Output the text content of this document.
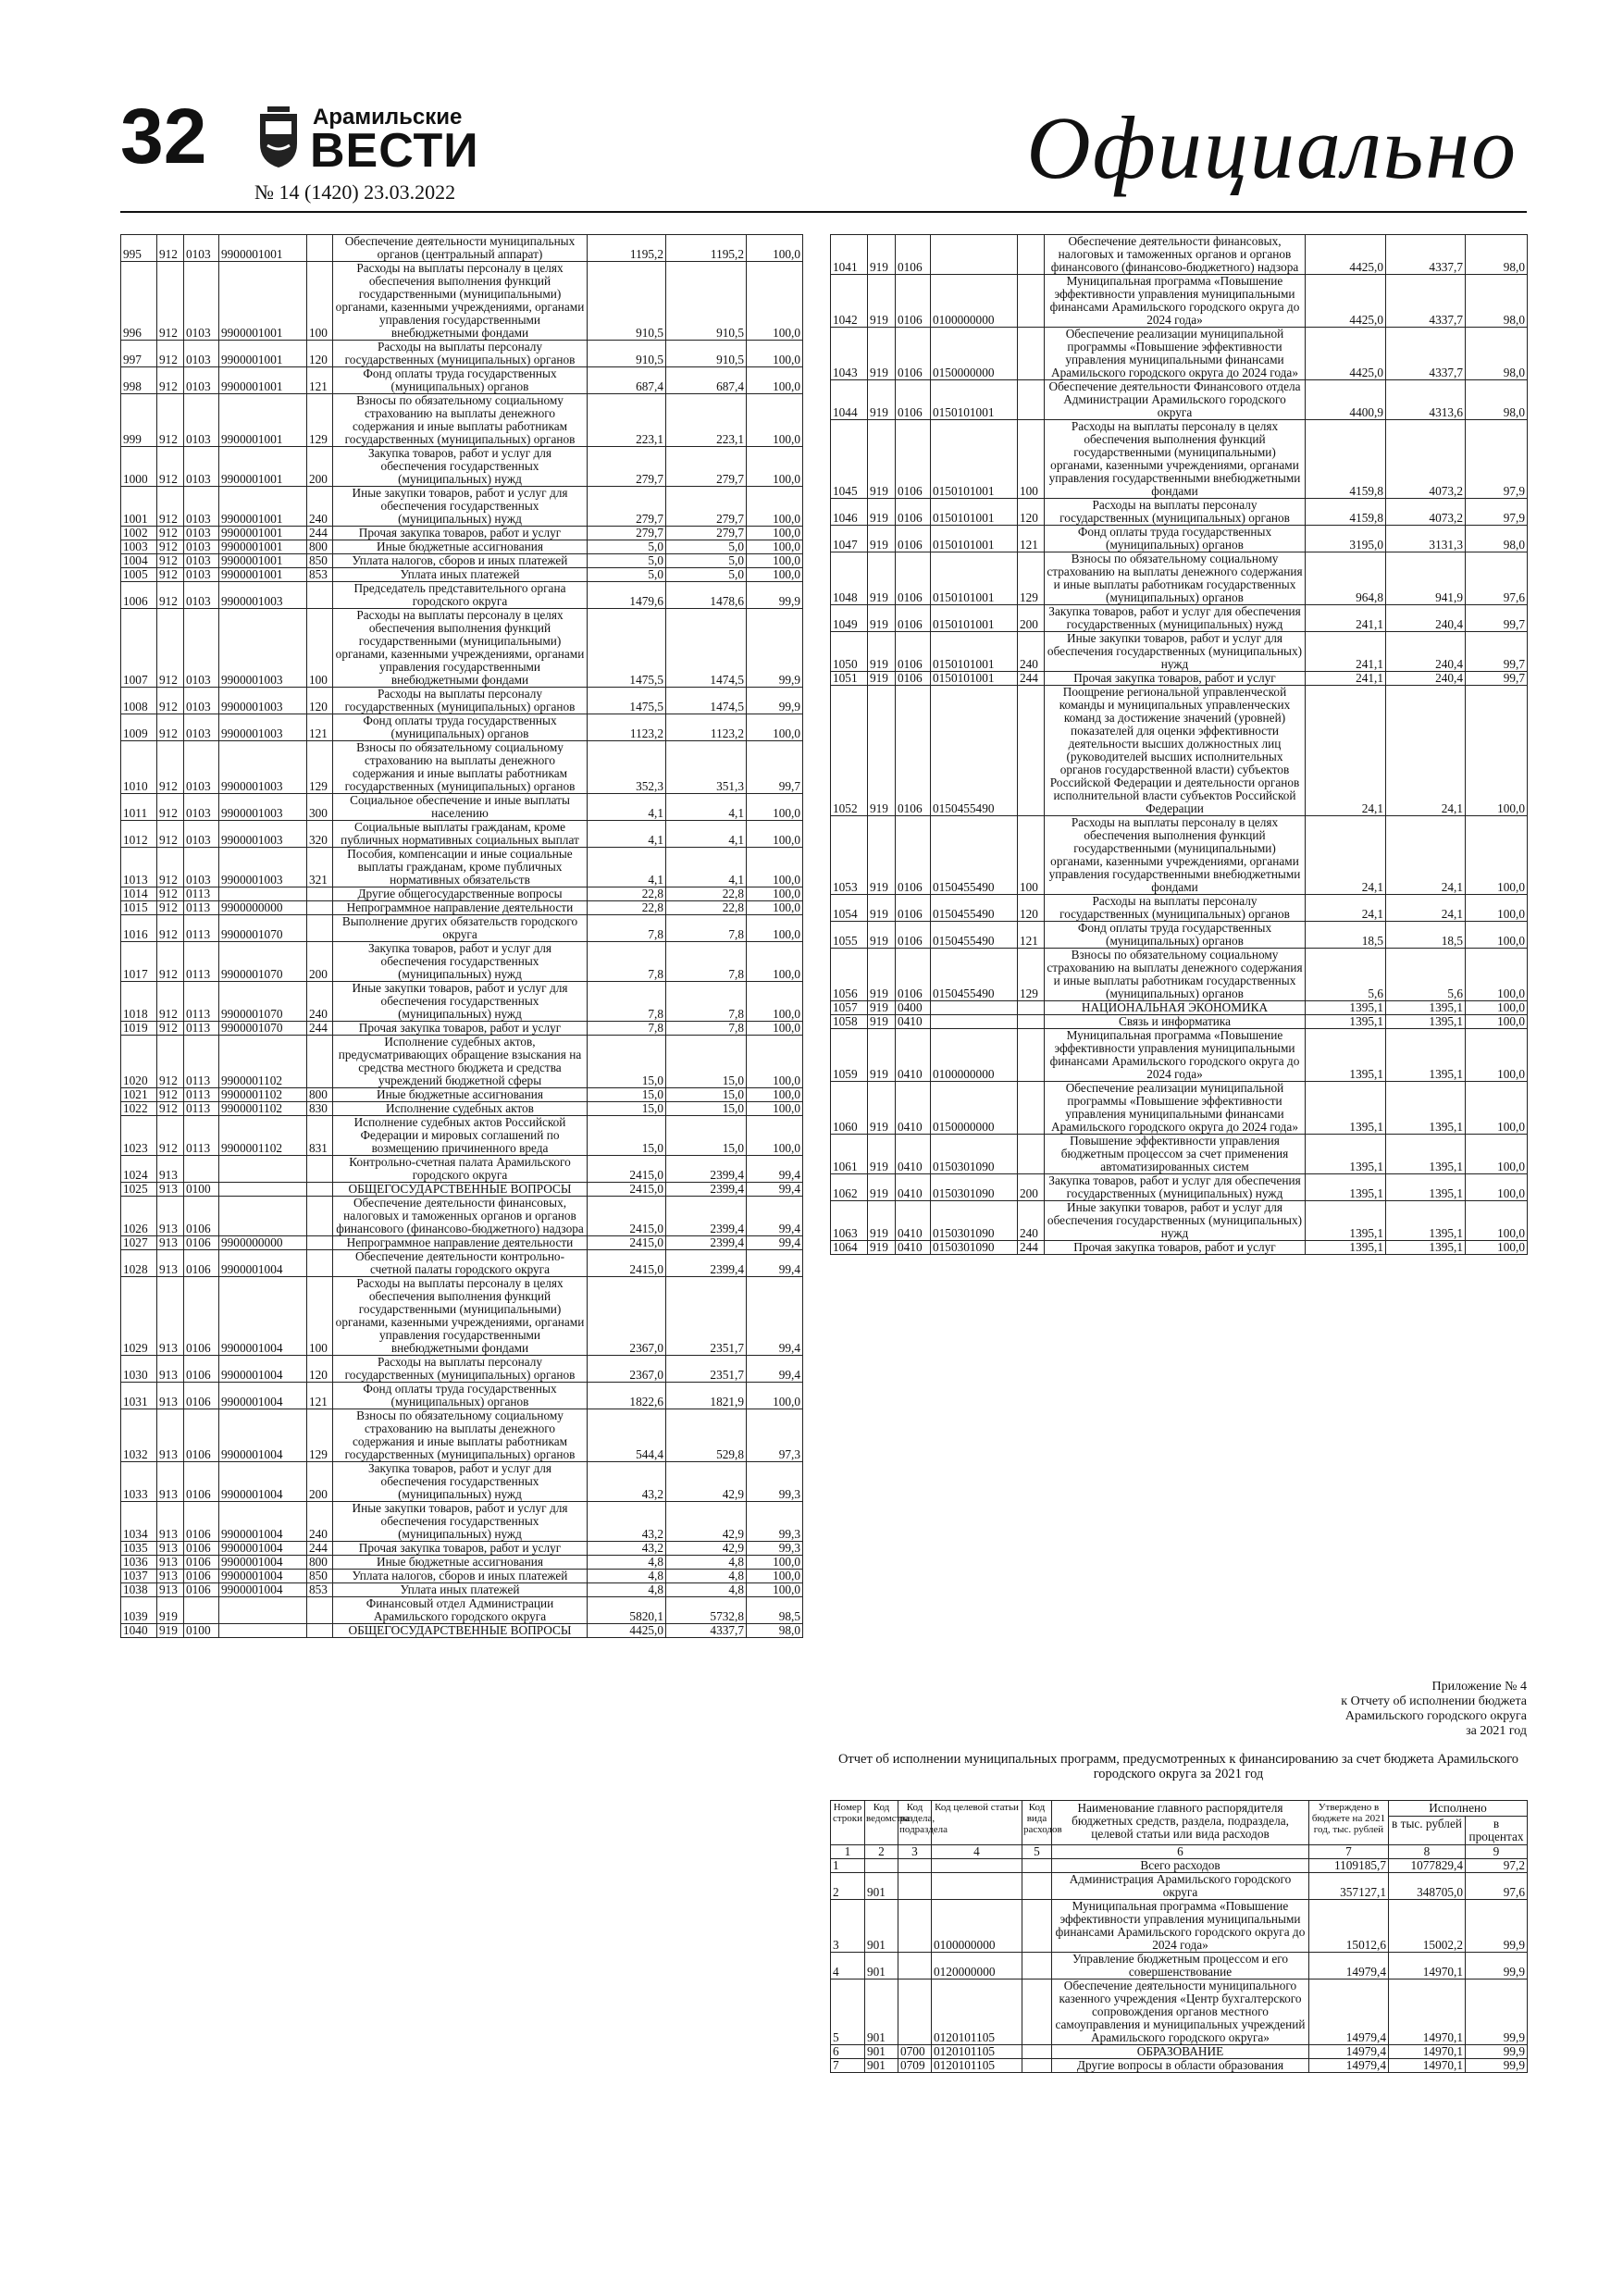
32	Арамильские
ВЕСТИ
№ 14 (1420) 23.03.2022	Официально
995	912	0103	9900001001		Обеспечение деятельности муниципальных органов (центральный аппарат)	1195,2	1195,2	100,0
996	912	0103	9900001001	100	Расходы на выплаты персоналу в целях обеспечения выполнения функций государственными (муниципальными) органами, казенными учреждениями, органами управления государственными внебюджетными фондами	910,5	910,5	100,0
997	912	0103	9900001001	120	Расходы на выплаты персоналу государственных (муниципальных) органов	910,5	910,5	100,0
998	912	0103	9900001001	121	Фонд оплаты труда государственных (муниципальных) органов	687,4	687,4	100,0
999	912	0103	9900001001	129	Взносы по обязательному социальному страхованию на выплаты денежного содержания и иные выплаты работникам государственных (муниципальных) органов	223,1	223,1	100,0
1000	912	0103	9900001001	200	Закупка товаров, работ и услуг для обеспечения государственных (муниципальных) нужд	279,7	279,7	100,0
1001	912	0103	9900001001	240	Иные закупки товаров, работ и услуг для обеспечения государственных (муниципальных) нужд	279,7	279,7	100,0
1002	912	0103	9900001001	244	Прочая закупка товаров, работ и услуг	279,7	279,7	100,0
1003	912	0103	9900001001	800	Иные бюджетные ассигнования	5,0	5,0	100,0
1004	912	0103	9900001001	850	Уплата налогов, сборов и иных платежей	5,0	5,0	100,0
1005	912	0103	9900001001	853	Уплата иных платежей	5,0	5,0	100,0
1006	912	0103	9900001003		Председатель представительного органа городского округа	1479,6	1478,6	99,9
1007	912	0103	9900001003	100	Расходы на выплаты персоналу в целях обеспечения выполнения функций государственными (муниципальными) органами, казенными учреждениями, органами управления государственными внебюджетными фондами	1475,5	1474,5	99,9
1008	912	0103	9900001003	120	Расходы на выплаты персоналу государственных (муниципальных) органов	1475,5	1474,5	99,9
1009	912	0103	9900001003	121	Фонд оплаты труда государственных (муниципальных) органов	1123,2	1123,2	100,0
1010	912	0103	9900001003	129	Взносы по обязательному социальному страхованию на выплаты денежного содержания и иные выплаты работникам государственных (муниципальных) органов	352,3	351,3	99,7
1011	912	0103	9900001003	300	Социальное обеспечение и иные выплаты населению	4,1	4,1	100,0
1012	912	0103	9900001003	320	Социальные выплаты гражданам, кроме публичных нормативных социальных выплат	4,1	4,1	100,0
1013	912	0103	9900001003	321	Пособия, компенсации и иные социальные выплаты гражданам, кроме публичных нормативных обязательств	4,1	4,1	100,0
1014	912	0113			Другие общегосударственные вопросы	22,8	22,8	100,0
1015	912	0113	9900000000		Непрограммное направление деятельности	22,8	22,8	100,0
1016	912	0113	9900001070		Выполнение других обязательств городского округа	7,8	7,8	100,0
1017	912	0113	9900001070	200	Закупка товаров, работ и услуг для обеспечения государственных (муниципальных) нужд	7,8	7,8	100,0
1018	912	0113	9900001070	240	Иные закупки товаров, работ и услуг для обеспечения государственных (муниципальных) нужд	7,8	7,8	100,0
1019	912	0113	9900001070	244	Прочая закупка товаров, работ и услуг	7,8	7,8	100,0
1020	912	0113	9900001102		Исполнение судебных актов, предусматривающих обращение взыскания на средства местного бюджета и средства учреждений бюджетной сферы	15,0	15,0	100,0
1021	912	0113	9900001102	800	Иные бюджетные ассигнования	15,0	15,0	100,0
1022	912	0113	9900001102	830	Исполнение судебных актов	15,0	15,0	100,0
1023	912	0113	9900001102	831	Исполнение судебных актов Российской Федерации и мировых соглашений по возмещению причиненного вреда	15,0	15,0	100,0
1024	913				Контрольно-счетная палата Арамильского городского округа	2415,0	2399,4	99,4
1025	913	0100			ОБЩЕГОСУДАРСТВЕННЫЕ ВОПРОСЫ	2415,0	2399,4	99,4
1026	913	0106			Обеспечение деятельности финансовых, налоговых и таможенных органов и органов финансового (финансово-бюджетного) надзора	2415,0	2399,4	99,4
1027	913	0106	9900000000		Непрограммное направление деятельности	2415,0	2399,4	99,4
1028	913	0106	9900001004		Обеспечение деятельности контрольно-счетной палаты городского округа	2415,0	2399,4	99,4
1029	913	0106	9900001004	100	Расходы на выплаты персоналу в целях обеспечения выполнения функций государственными (муниципальными) органами, казенными учреждениями, органами управления государственными внебюджетными фондами	2367,0	2351,7	99,4
1030	913	0106	9900001004	120	Расходы на выплаты персоналу государственных (муниципальных) органов	2367,0	2351,7	99,4
1031	913	0106	9900001004	121	Фонд оплаты труда государственных (муниципальных) органов	1822,6	1821,9	100,0
1032	913	0106	9900001004	129	Взносы по обязательному социальному страхованию на выплаты денежного содержания и иные выплаты работникам государственных (муниципальных) органов	544,4	529,8	97,3
1033	913	0106	9900001004	200	Закупка товаров, работ и услуг для обеспечения государственных (муниципальных) нужд	43,2	42,9	99,3
1034	913	0106	9900001004	240	Иные закупки товаров, работ и услуг для обеспечения государственных (муниципальных) нужд	43,2	42,9	99,3
1035	913	0106	9900001004	244	Прочая закупка товаров, работ и услуг	43,2	42,9	99,3
1036	913	0106	9900001004	800	Иные бюджетные ассигнования	4,8	4,8	100,0
1037	913	0106	9900001004	850	Уплата налогов, сборов и иных платежей	4,8	4,8	100,0
1038	913	0106	9900001004	853	Уплата иных платежей	4,8	4,8	100,0
1039	919				Финансовый отдел Администрации Арамильского городского округа	5820,1	5732,8	98,5
1040	919	0100			ОБЩЕГОСУДАРСТВЕННЫЕ ВОПРОСЫ	4425,0	4337,7	98,0
1041	919	0106			Обеспечение деятельности финансовых, налоговых и таможенных органов и органов финансового (финансово-бюджетного) надзора	4425,0	4337,7	98,0
1042	919	0106	0100000000		Муниципальная программа «Повышение эффективности управления муниципальными финансами Арамильского городского округа до 2024 года»	4425,0	4337,7	98,0
1043	919	0106	0150000000		Обеспечение реализации муниципальной программы «Повышение эффективности управления муниципальными финансами Арамильского городского округа до 2024 года»	4425,0	4337,7	98,0
1044	919	0106	0150101001		Обеспечение деятельности Финансового отдела Администрации Арамильского городского округа	4400,9	4313,6	98,0
1045	919	0106	0150101001	100	Расходы на выплаты персоналу в целях обеспечения выполнения функций государственными (муниципальными) органами, казенными учреждениями, органами управления государственными внебюджетными фондами	4159,8	4073,2	97,9
1046	919	0106	0150101001	120	Расходы на выплаты персоналу государственных (муниципальных) органов	4159,8	4073,2	97,9
1047	919	0106	0150101001	121	Фонд оплаты труда государственных (муниципальных) органов	3195,0	3131,3	98,0
1048	919	0106	0150101001	129	Взносы по обязательному социальному страхованию на выплаты денежного содержания и иные выплаты работникам государственных (муниципальных) органов	964,8	941,9	97,6
1049	919	0106	0150101001	200	Закупка товаров, работ и услуг для обеспечения государственных (муниципальных) нужд	241,1	240,4	99,7
1050	919	0106	0150101001	240	Иные закупки товаров, работ и услуг для обеспечения государственных (муниципальных) нужд	241,1	240,4	99,7
1051	919	0106	0150101001	244	Прочая закупка товаров, работ и услуг	241,1	240,4	99,7
1052	919	0106	0150455490		Поощрение региональной управленческой команды и муниципальных управленческих команд за достижение значений (уровней) показателей для оценки эффективности деятельности высших должностных лиц (руководителей высших исполнительных органов государственной власти) субъектов Российской Федерации и деятельности органов исполнительной власти субъектов Российской Федерации	24,1	24,1	100,0
1053	919	0106	0150455490	100	Расходы на выплаты персоналу в целях обеспечения выполнения функций государственными (муниципальными) органами, казенными учреждениями, органами управления государственными внебюджетными фондами	24,1	24,1	100,0
1054	919	0106	0150455490	120	Расходы на выплаты персоналу государственных (муниципальных) органов	24,1	24,1	100,0
1055	919	0106	0150455490	121	Фонд оплаты труда государственных (муниципальных) органов	18,5	18,5	100,0
1056	919	0106	0150455490	129	Взносы по обязательному социальному страхованию на выплаты денежного содержания и иные выплаты работникам государственных (муниципальных) органов	5,6	5,6	100,0
1057	919	0400			НАЦИОНАЛЬНАЯ ЭКОНОМИКА	1395,1	1395,1	100,0
1058	919	0410			Связь и информатика	1395,1	1395,1	100,0
1059	919	0410	0100000000		Муниципальная программа «Повышение эффективности управления муниципальными финансами Арамильского городского округа до 2024 года»	1395,1	1395,1	100,0
1060	919	0410	0150000000		Обеспечение реализации муниципальной программы «Повышение эффективности управления муниципальными финансами Арамильского городского округа до 2024 года»	1395,1	1395,1	100,0
1061	919	0410	0150301090		Повышение эффективности управления бюджетным процессом за счет применения автоматизированных систем	1395,1	1395,1	100,0
1062	919	0410	0150301090	200	Закупка товаров, работ и услуг для обеспечения государственных (муниципальных) нужд	1395,1	1395,1	100,0
1063	919	0410	0150301090	240	Иные закупки товаров, работ и услуг для обеспечения государственных (муниципальных) нужд	1395,1	1395,1	100,0
1064	919	0410	0150301090	244	Прочая закупка товаров, работ и услуг	1395,1	1395,1	100,0
Приложение № 4
к Отчету об исполнении бюджета
Арамильского городского округа
за 2021 год
Отчет об исполнении муниципальных программ, предусмотренных к финансированию за счет бюджета Арамильского городского округа за 2021 год
Номер строки	Код ведомства	Код раздела, подраздела	Код целевой статьи	Код вида расходов	Наименование главного распорядителя бюджетных средств, раздела, подраздела, целевой статьи или вида расходов	Утверждено в бюджете на 2021 год, тыс. рублей	Исполнено	
							в тыс. рублей	в процентах
1	2	3	4	5	6	7	8	9
1					Всего расходов	1109185,7	1077829,4	97,2
2	901				Администрация Арамильского городского округа	357127,1	348705,0	97,6
3	901		0100000000		Муниципальная программа «Повышение эффективности управления муниципальными финансами Арамильского городского округа до 2024 года»	15012,6	15002,2	99,9
4	901		0120000000		Управление бюджетным процессом и его совершенствование	14979,4	14970,1	99,9
5	901		0120101105		Обеспечение деятельности муниципального казенного учреждения «Центр бухгалтерского сопровождения органов местного самоуправления и муниципальных учреждений Арамильского городского округа»	14979,4	14970,1	99,9
6	901	0700	0120101105		ОБРАЗОВАНИЕ	14979,4	14970,1	99,9
7	901	0709	0120101105		Другие вопросы в области образования	14979,4	14970,1	99,9
